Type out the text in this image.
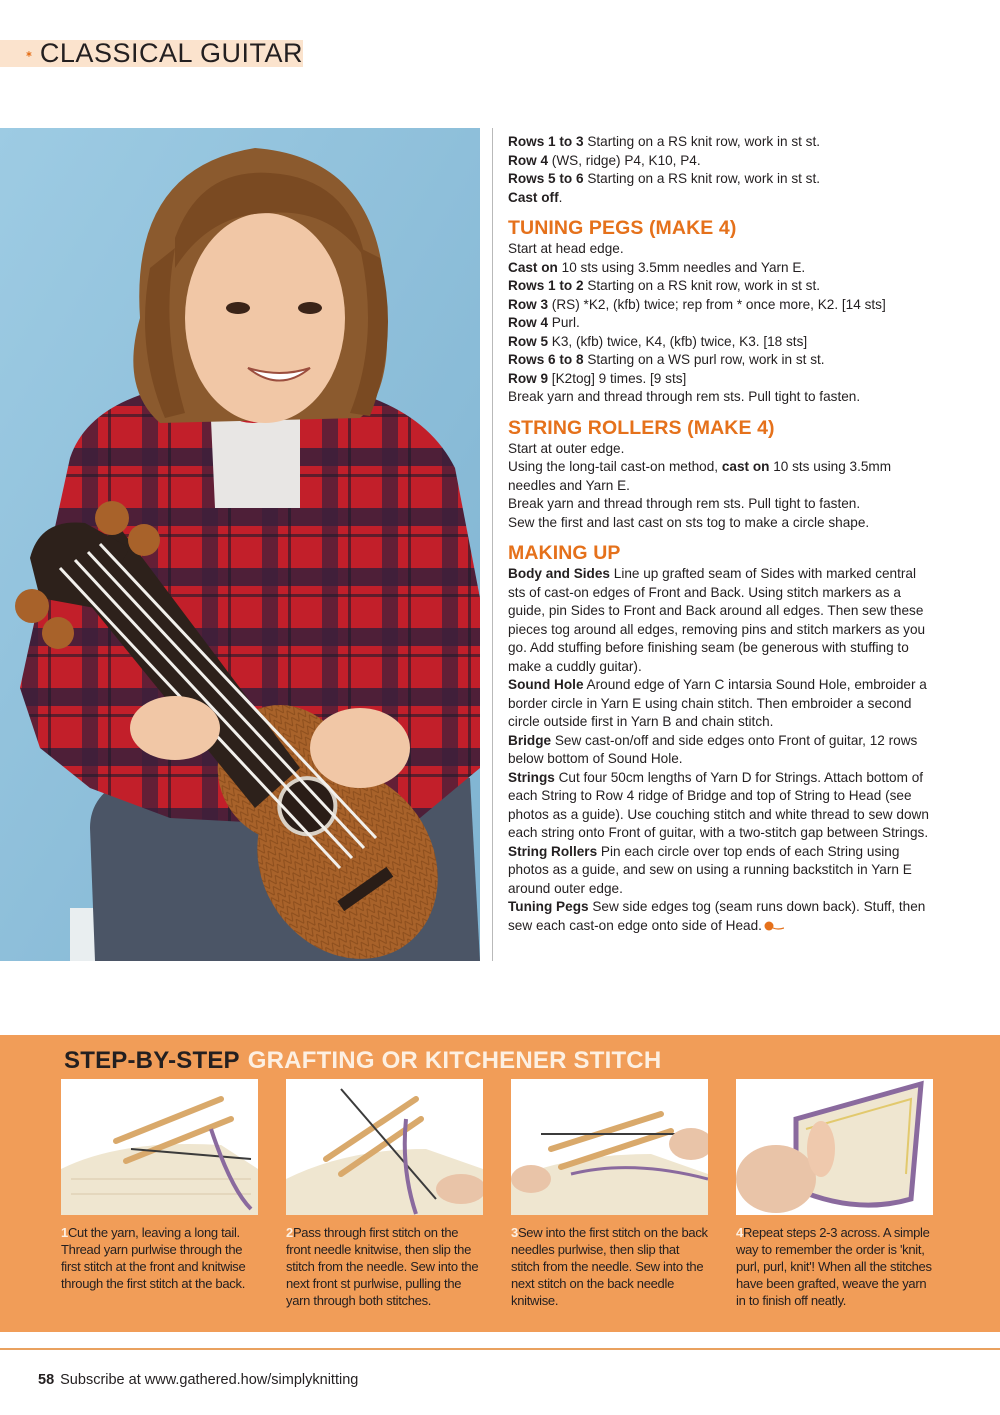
CLASSICAL GUITAR

Rows 1 to 3 Starting on a RS knit row, work in st st.

Row 4 (WS, ridge) P4, K10, P4.

Rows 5 to 6 Starting on a RS knit row, work in st st.

Cast off.

TUNING PEGS (MAKE 4)

Start at head edge.

Cast on 10 sts using 3.5mm needles and Yarn E.

Rows 1 to 2 Starting on a RS knit row, work in st st.

Row 3 (RS) *K2, (kfb) twice; rep from * once more, K2. [14 sts]

Row 4 Purl.

Row 5 K3, (kfb) twice, K4, (kfb) twice, K3. [18 sts]

Rows 6 to 8 Starting on a WS purl row, work in st st.

Row 9 [K2tog] 9 times. [9 sts]

Break yarn and thread through rem sts. Pull tight to fasten.

STRING ROLLERS (MAKE 4)

Start at outer edge.

Using the long-tail cast-on method, cast on 10 sts using 3.5mm needles and Yarn E.

Break yarn and thread through rem sts. Pull tight to fasten.

Sew the first and last cast on sts tog to make a circle shape.

MAKING UP

Body and Sides Line up grafted seam of Sides with marked central sts of cast-on edges of Front and Back. Using stitch markers as a guide, pin Sides to Front and Back around all edges. Then sew these pieces tog around all edges, removing pins and stitch markers as you go. Add stuffing before finishing seam (be generous with stuffing to make a cuddly guitar).

Sound Hole Around edge of Yarn C intarsia Sound Hole, embroider a border circle in Yarn E using chain stitch. Then embroider a second circle outside first in Yarn B and chain stitch.

Bridge Sew cast-on/off and side edges onto Front of guitar, 12 rows below bottom of Sound Hole.

Strings Cut four 50cm lengths of Yarn D for Strings. Attach bottom of each String to Row 4 ridge of Bridge and top of String to Head (see photos as a guide). Use couching stitch and white thread to sew down each string onto Front of guitar, with a two-stitch gap between Strings.

String Rollers Pin each circle over top ends of each String using photos as a guide, and sew on using a running backstitch in Yarn E around outer edge.

Tuning Pegs Sew side edges tog (seam runs down back). Stuff, then sew each cast-on edge onto side of Head.

STEP-BY-STEP GRAFTING OR KITCHENER STITCH

1Cut the yarn, leaving a long tail. Thread yarn purlwise through the first stitch at the front and knitwise through the first stitch at the back.

2Pass through first stitch on the front needle knitwise, then slip the stitch from the needle. Sew into the next front st purlwise, pulling the yarn through both stitches.

3Sew into the first stitch on the back needles purlwise, then slip that stitch from the needle. Sew into the next stitch on the back needle knitwise.

4Repeat steps 2-3 across. A simple way to remember the order is 'knit, purl, purl, knit'! When all the stitches have been grafted, weave the yarn in to finish off neatly.

58 Subscribe at www.gathered.how/simplyknitting
